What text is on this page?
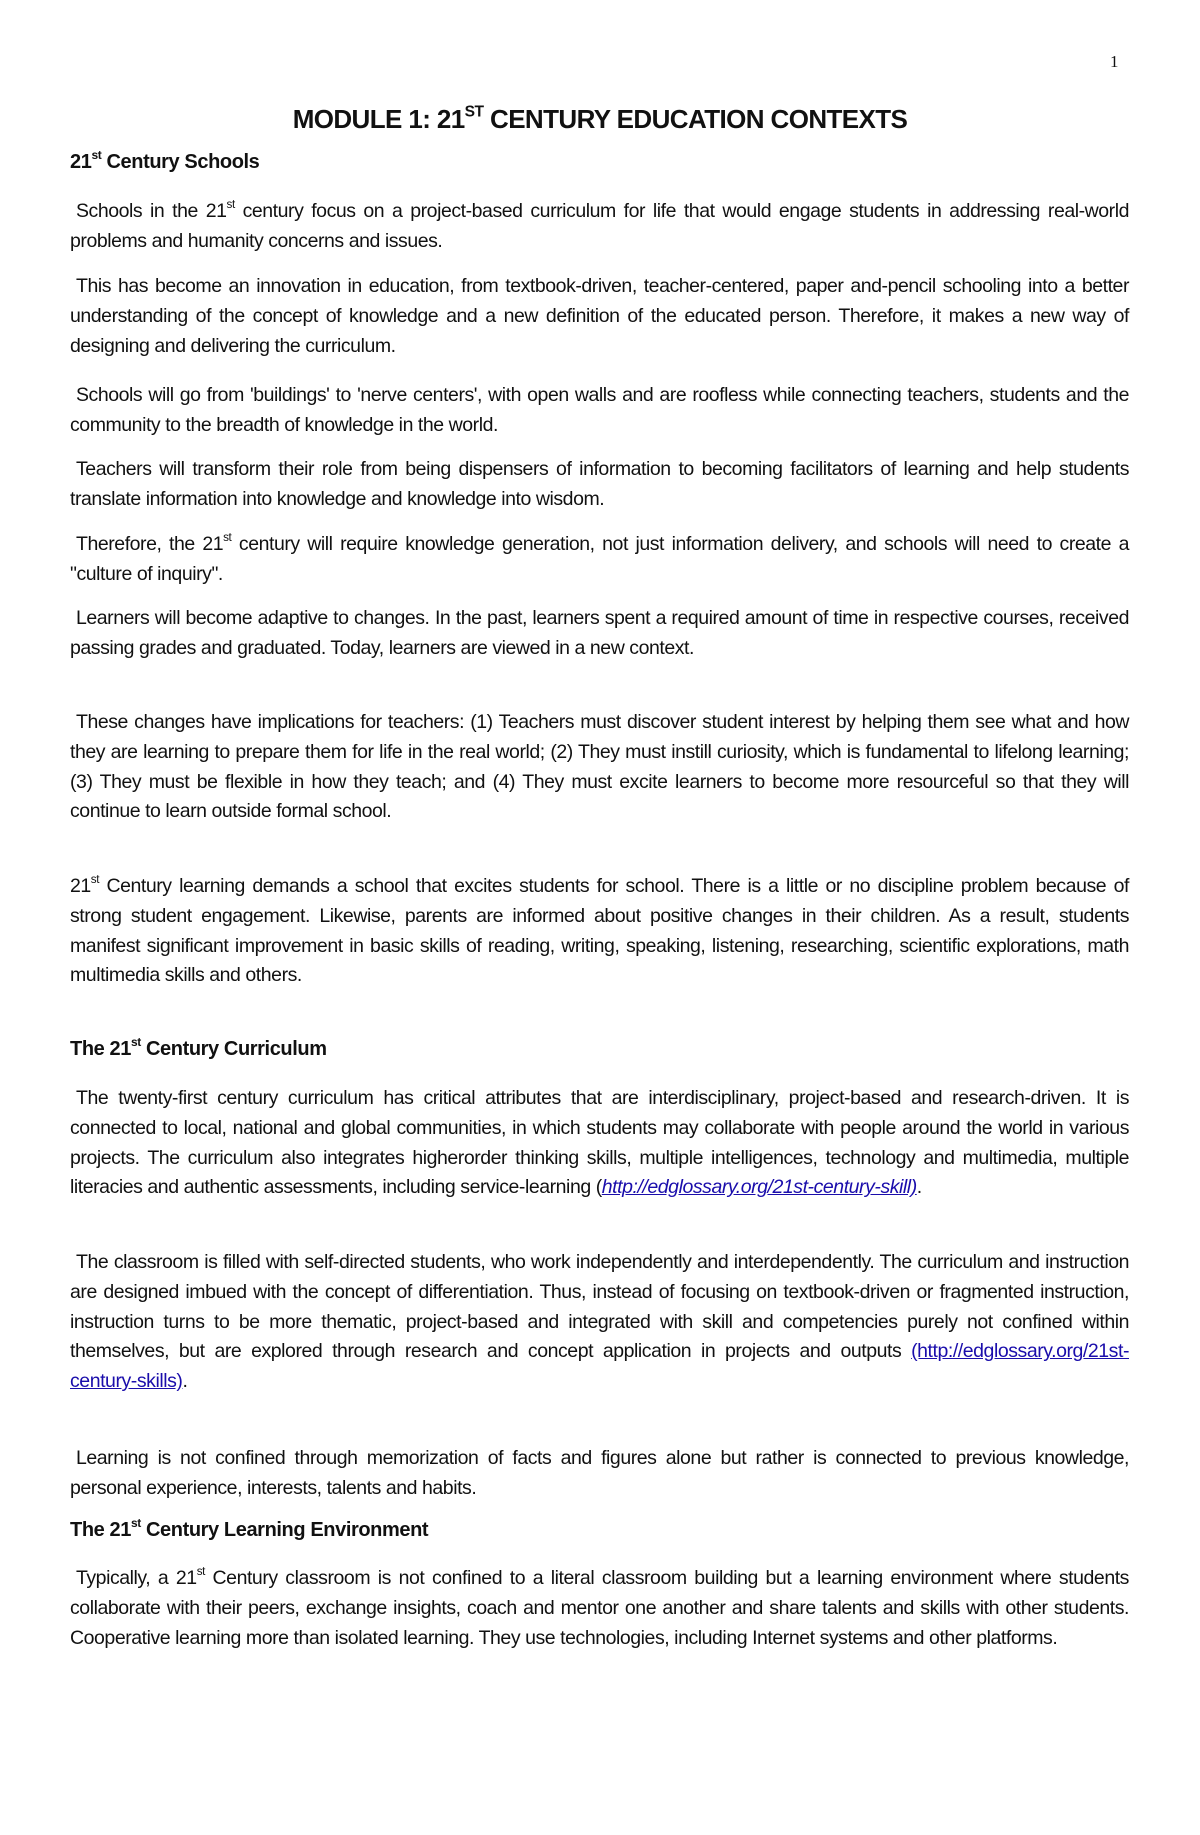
1
MODULE 1: 21ST CENTURY EDUCATION CONTEXTS
21st Century Schools
Schools in the 21st century focus on a project-based curriculum for life that would engage students in addressing real-world problems and humanity concerns and issues.
This has become an innovation in education, from textbook-driven, teacher-centered, paper and-pencil schooling into a better understanding of the concept of knowledge and a new definition of the educated person. Therefore, it makes a new way of designing and delivering the curriculum.
Schools will go from 'buildings' to 'nerve centers', with open walls and are roofless while connecting teachers, students and the community to the breadth of knowledge in the world.
Teachers will transform their role from being dispensers of information to becoming facilitators of learning and help students translate information into knowledge and knowledge into wisdom.
Therefore, the 21st century will require knowledge generation, not just information delivery, and schools will need to create a "culture of inquiry".
Learners will become adaptive to changes. In the past, learners spent a required amount of time in respective courses, received passing grades and graduated. Today, learners are viewed in a new context.
These changes have implications for teachers: (1) Teachers must discover student interest by helping them see what and how they are learning to prepare them for life in the real world; (2) They must instill curiosity, which is fundamental to lifelong learning; (3) They must be flexible in how they teach; and (4) They must excite learners to become more resourceful so that they will continue to learn outside formal school.
21st Century learning demands a school that excites students for school. There is a little or no discipline problem because of strong student engagement. Likewise, parents are informed about positive changes in their children. As a result, students manifest significant improvement in basic skills of reading, writing, speaking, listening, researching, scientific explorations, math multimedia skills and others.
The 21st Century Curriculum
The twenty-first century curriculum has critical attributes that are interdisciplinary, project-based and research-driven. It is connected to local, national and global communities, in which students may collaborate with people around the world in various projects. The curriculum also integrates higherorder thinking skills, multiple intelligences, technology and multimedia, multiple literacies and authentic assessments, including service-learning (http://edglossary.org/21st-century-skill).
The classroom is filled with self-directed students, who work independently and interdependently. The curriculum and instruction are designed imbued with the concept of differentiation. Thus, instead of focusing on textbook-driven or fragmented instruction, instruction turns to be more thematic, project-based and integrated with skill and competencies purely not confined within themselves, but are explored through research and concept application in projects and outputs (http://edglossary.org/21st-century-skills).
Learning is not confined through memorization of facts and figures alone but rather is connected to previous knowledge, personal experience, interests, talents and habits.
The 21st Century Learning Environment
Typically, a 21st Century classroom is not confined to a literal classroom building but a learning environment where students collaborate with their peers, exchange insights, coach and mentor one another and share talents and skills with other students. Cooperative learning more than isolated learning. They use technologies, including Internet systems and other platforms.
